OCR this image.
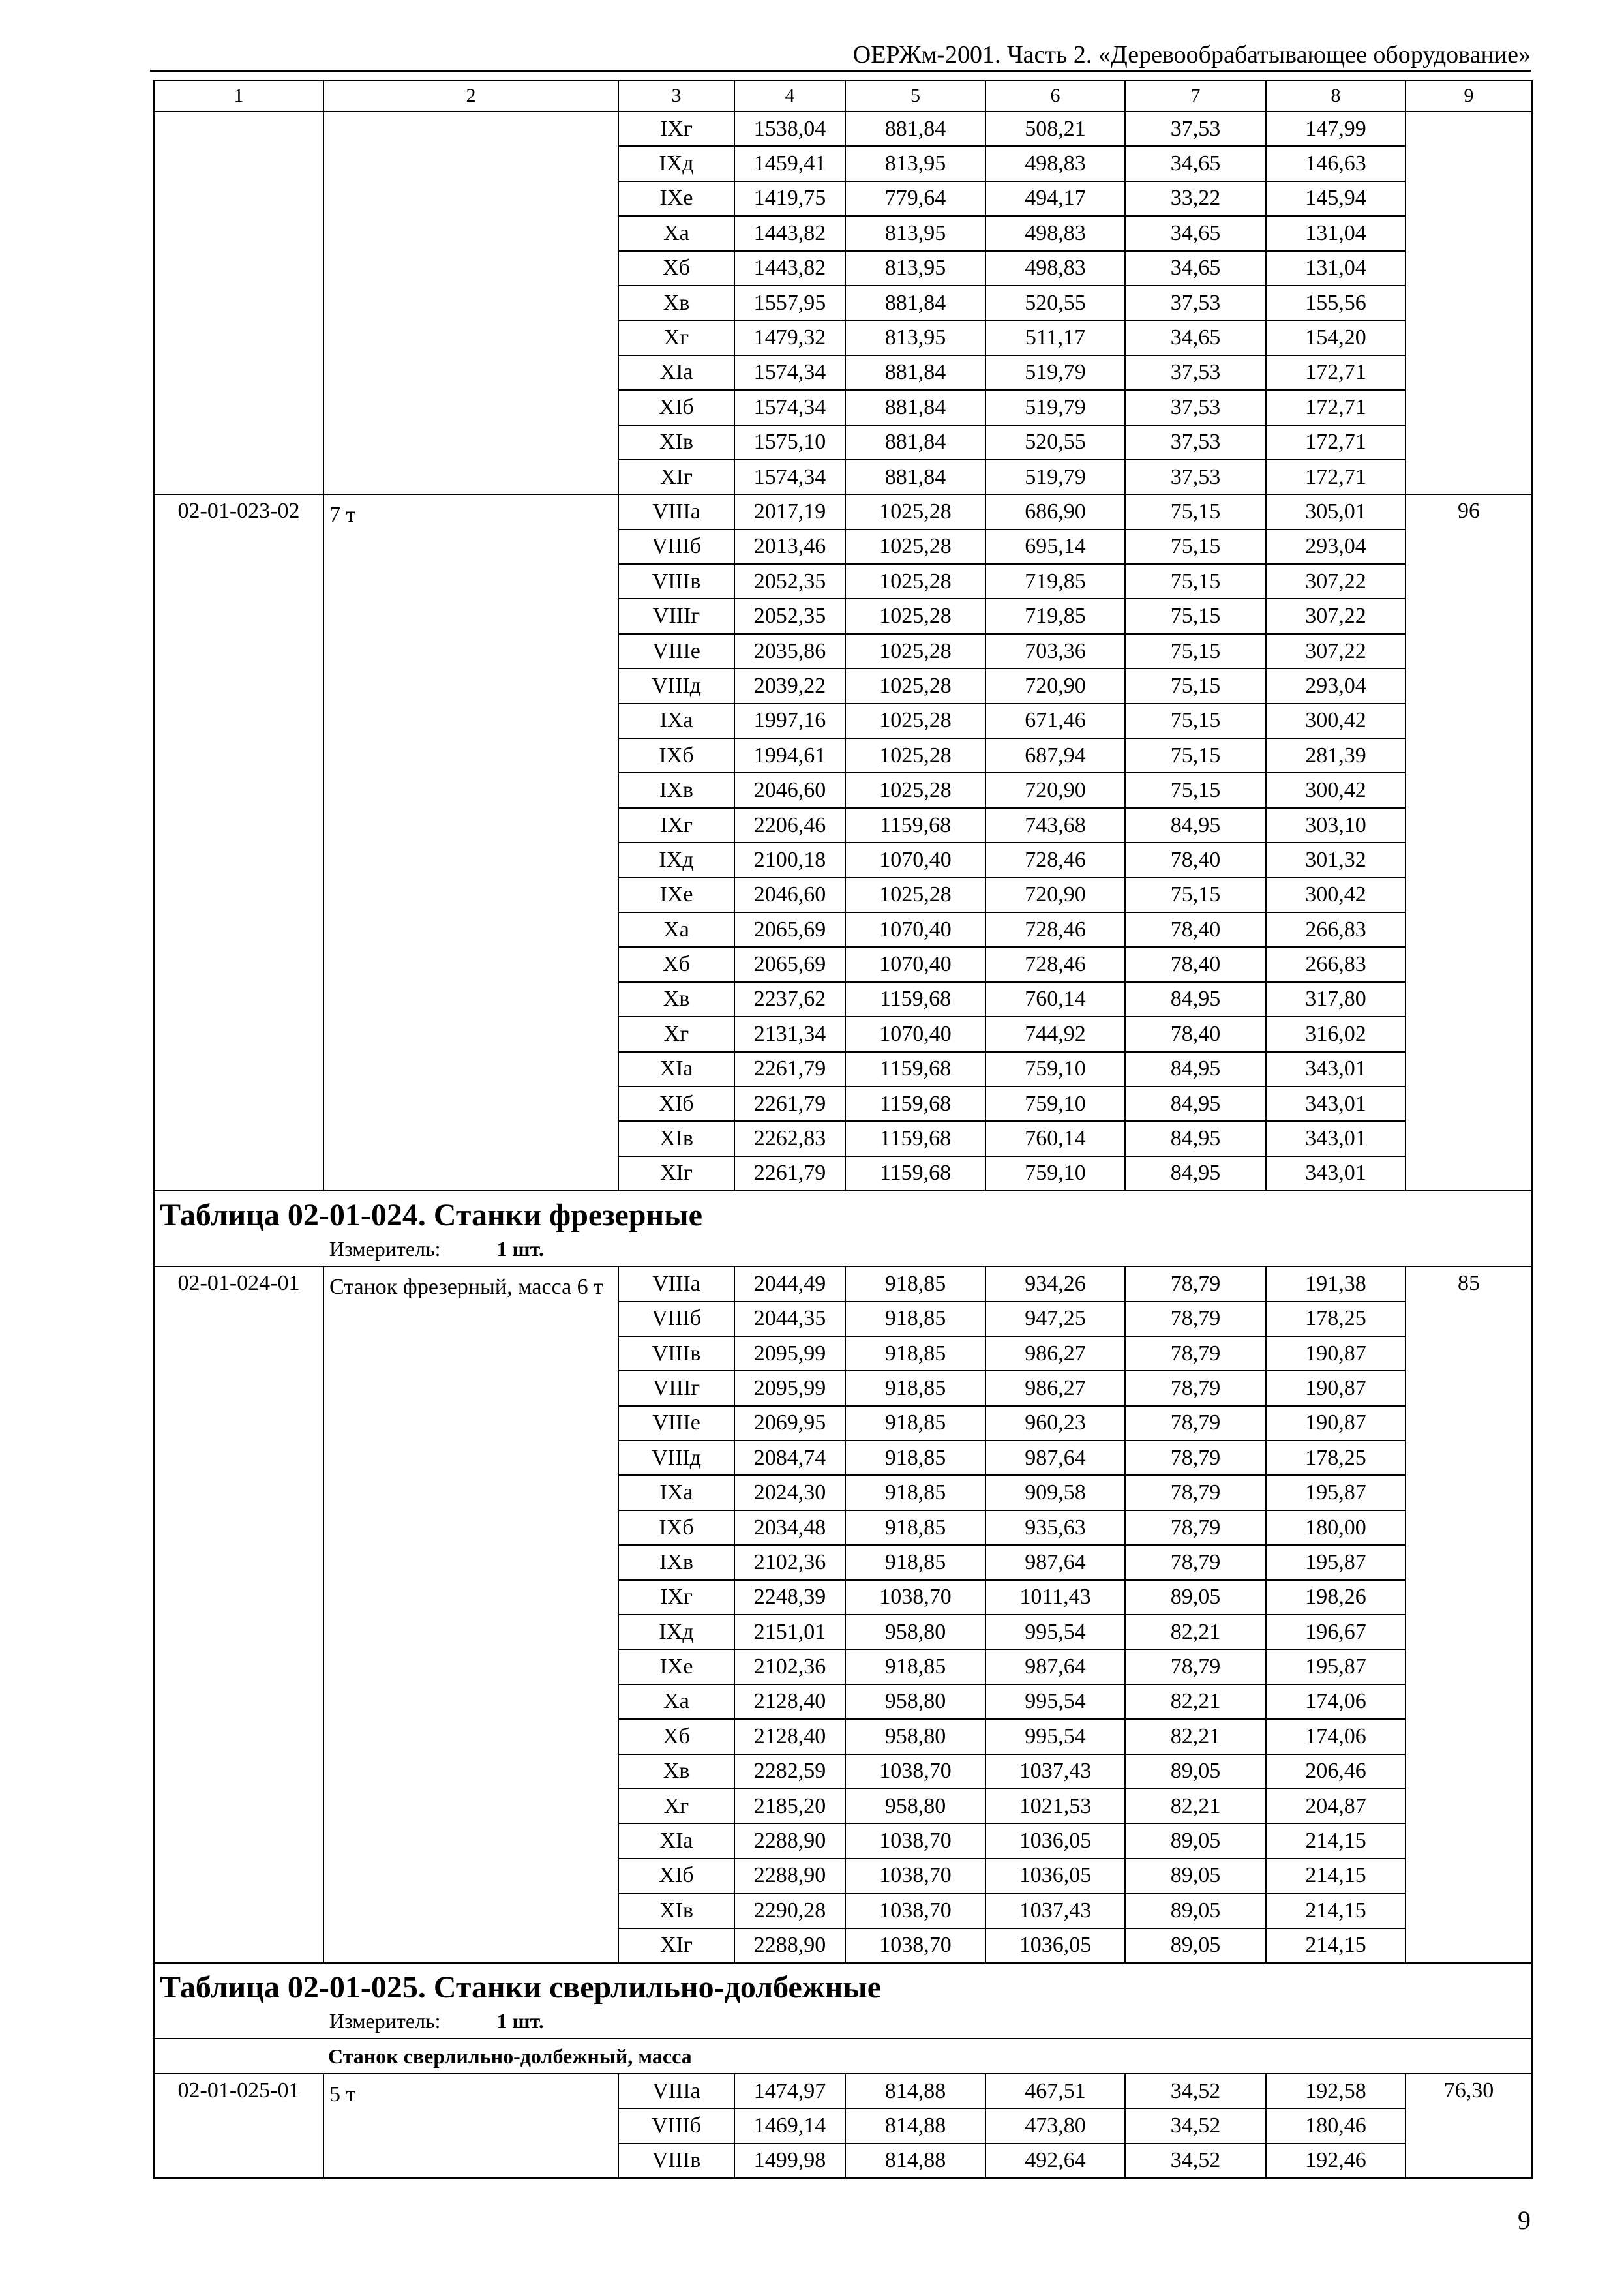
ОЕРЖм-2001. Часть 2. «Деревообрабатывающее оборудование»
1	2	3	4	5	6	7	8	9
		IXг	1538,04	881,84	508,21	37,53	147,99	
		IXд	1459,41	813,95	498,83	34,65	146,63	
		IXе	1419,75	779,64	494,17	33,22	145,94	
		Xа	1443,82	813,95	498,83	34,65	131,04	
		Xб	1443,82	813,95	498,83	34,65	131,04	
		Xв	1557,95	881,84	520,55	37,53	155,56	
		Xг	1479,32	813,95	511,17	34,65	154,20	
		XIа	1574,34	881,84	519,79	37,53	172,71	
		XIб	1574,34	881,84	519,79	37,53	172,71	
		XIв	1575,10	881,84	520,55	37,53	172,71	
		XIг	1574,34	881,84	519,79	37,53	172,71	
02-01-023-02	7 т	VIIIа	2017,19	1025,28	686,90	75,15	305,01	96
		VIIIб	2013,46	1025,28	695,14	75,15	293,04	
		VIIIв	2052,35	1025,28	719,85	75,15	307,22	
		VIIIг	2052,35	1025,28	719,85	75,15	307,22	
		VIIIе	2035,86	1025,28	703,36	75,15	307,22	
		VIIIд	2039,22	1025,28	720,90	75,15	293,04	
		IXа	1997,16	1025,28	671,46	75,15	300,42	
		IXб	1994,61	1025,28	687,94	75,15	281,39	
		IXв	2046,60	1025,28	720,90	75,15	300,42	
		IXг	2206,46	1159,68	743,68	84,95	303,10	
		IXд	2100,18	1070,40	728,46	78,40	301,32	
		IXе	2046,60	1025,28	720,90	75,15	300,42	
		Xа	2065,69	1070,40	728,46	78,40	266,83	
		Xб	2065,69	1070,40	728,46	78,40	266,83	
		Xв	2237,62	1159,68	760,14	84,95	317,80	
		Xг	2131,34	1070,40	744,92	78,40	316,02	
		XIа	2261,79	1159,68	759,10	84,95	343,01	
		XIб	2261,79	1159,68	759,10	84,95	343,01	
		XIв	2262,83	1159,68	760,14	84,95	343,01	
		XIг	2261,79	1159,68	759,10	84,95	343,01	

Таблица 02-01-024. Станки фрезерные
Измеритель: 1 шт.								

02-01-024-01	Станок фрезерный, масса 6 т	VIIIа	2044,49	918,85	934,26	78,79	191,38	85
		VIIIб	2044,35	918,85	947,25	78,79	178,25	
		VIIIв	2095,99	918,85	986,27	78,79	190,87	
		VIIIг	2095,99	918,85	986,27	78,79	190,87	
		VIIIе	2069,95	918,85	960,23	78,79	190,87	
		VIIIд	2084,74	918,85	987,64	78,79	178,25	
		IXа	2024,30	918,85	909,58	78,79	195,87	
		IXб	2034,48	918,85	935,63	78,79	180,00	
		IXв	2102,36	918,85	987,64	78,79	195,87	
		IXг	2248,39	1038,70	1011,43	89,05	198,26	
		IXд	2151,01	958,80	995,54	82,21	196,67	
		IXе	2102,36	918,85	987,64	78,79	195,87	
		Xа	2128,40	958,80	995,54	82,21	174,06	
		Xб	2128,40	958,80	995,54	82,21	174,06	
		Xв	2282,59	1038,70	1037,43	89,05	206,46	
		Xг	2185,20	958,80	1021,53	82,21	204,87	
		XIа	2288,90	1038,70	1036,05	89,05	214,15	
		XIб	2288,90	1038,70	1036,05	89,05	214,15	
		XIв	2290,28	1038,70	1037,43	89,05	214,15	
		XIг	2288,90	1038,70	1036,05	89,05	214,15	

Таблица 02-01-025. Станки сверлильно-долбежные
Измеритель: 1 шт.								

Станок сверлильно-долбежный, масса								

02-01-025-01	5 т	VIIIа	1474,97	814,88	467,51	34,52	192,58	76,30
		VIIIб	1469,14	814,88	473,80	34,52	180,46	
		VIIIв	1499,98	814,88	492,64	34,52	192,46	
9
